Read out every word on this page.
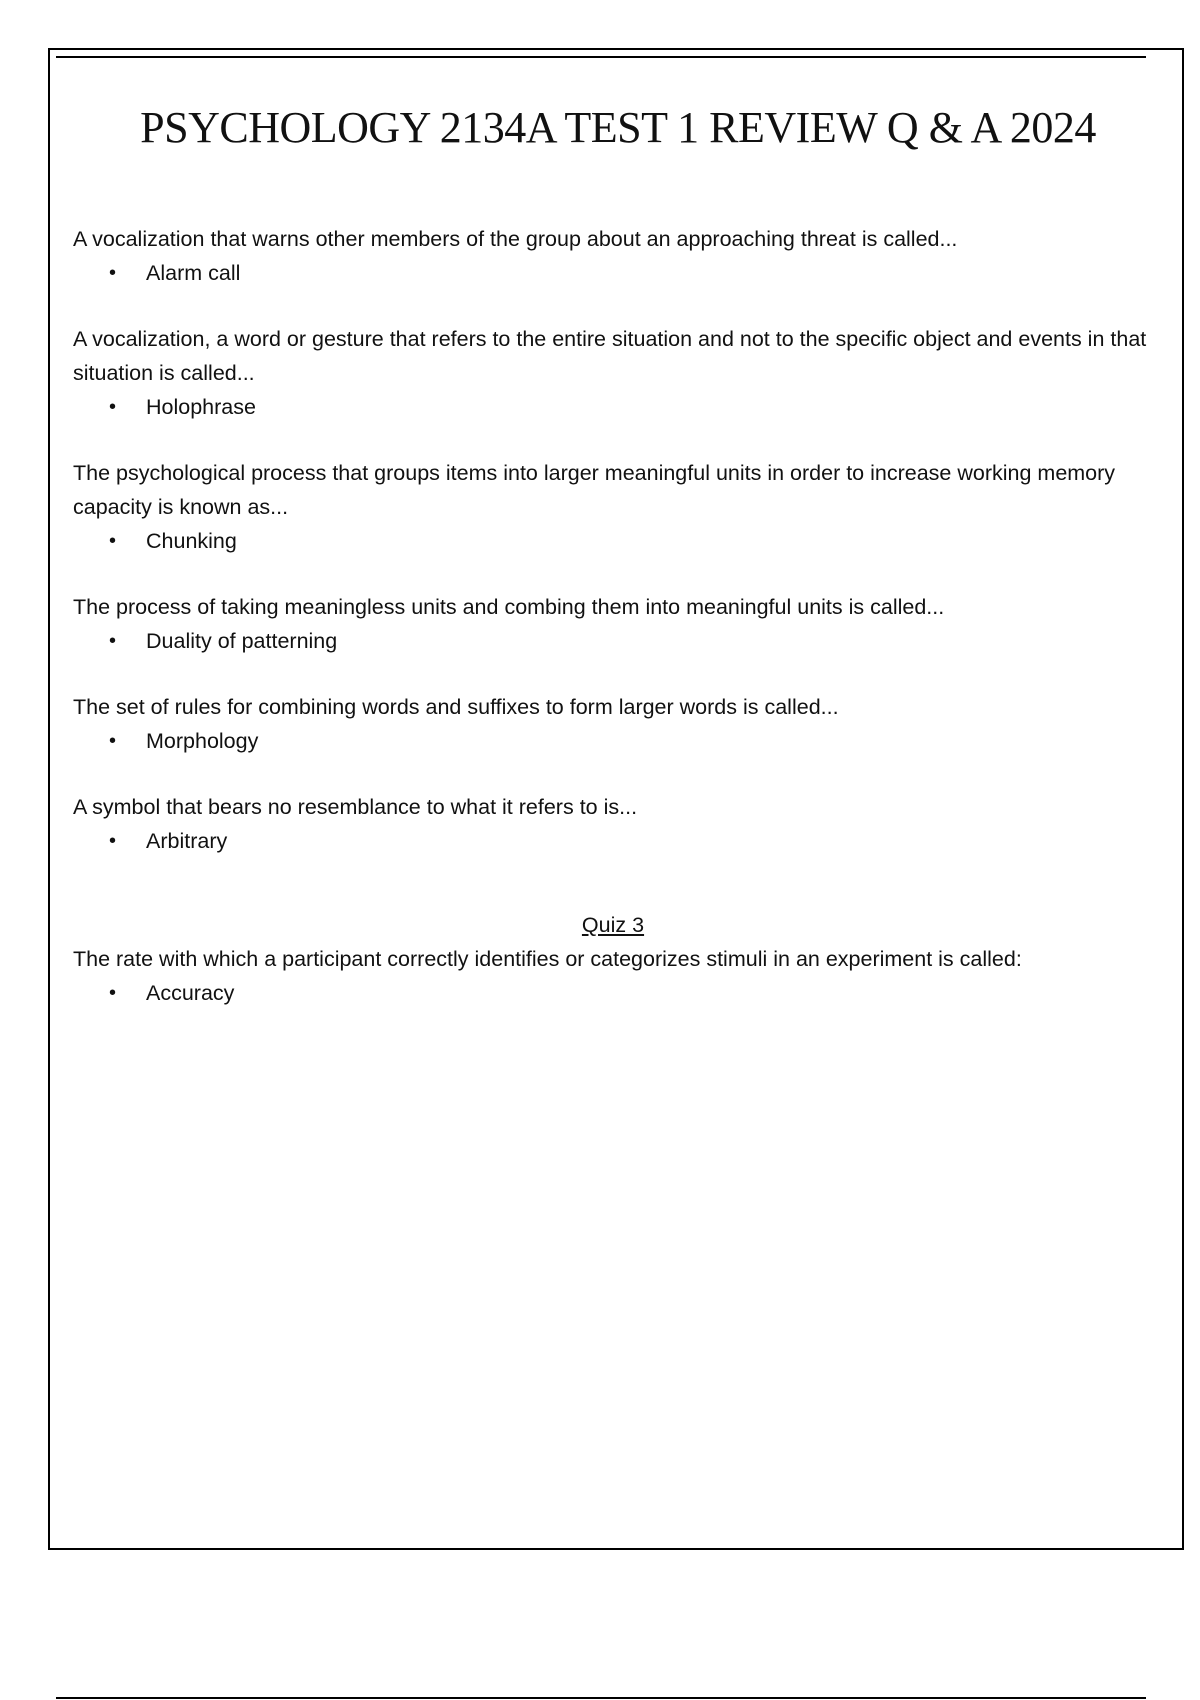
PSYCHOLOGY 2134A TEST 1 REVIEW Q & A 2024

A vocalization that warns other members of the group about an approaching threat is called...

• Alarm call

A vocalization, a word or gesture that refers to the entire situation and not to the specific object and events in that situation is called...

• Holophrase

The psychological process that groups items into larger meaningful units in order to increase working memory capacity is known as...

• Chunking

The process of taking meaningless units and combing them into meaningful units is called...

• Duality of patterning

The set of rules for combining words and suffixes to form larger words is called...

• Morphology

A symbol that bears no resemblance to what it refers to is...

• Arbitrary

Quiz 3

The rate with which a participant correctly identifies or categorizes stimuli in an experiment is called:

• Accuracy
